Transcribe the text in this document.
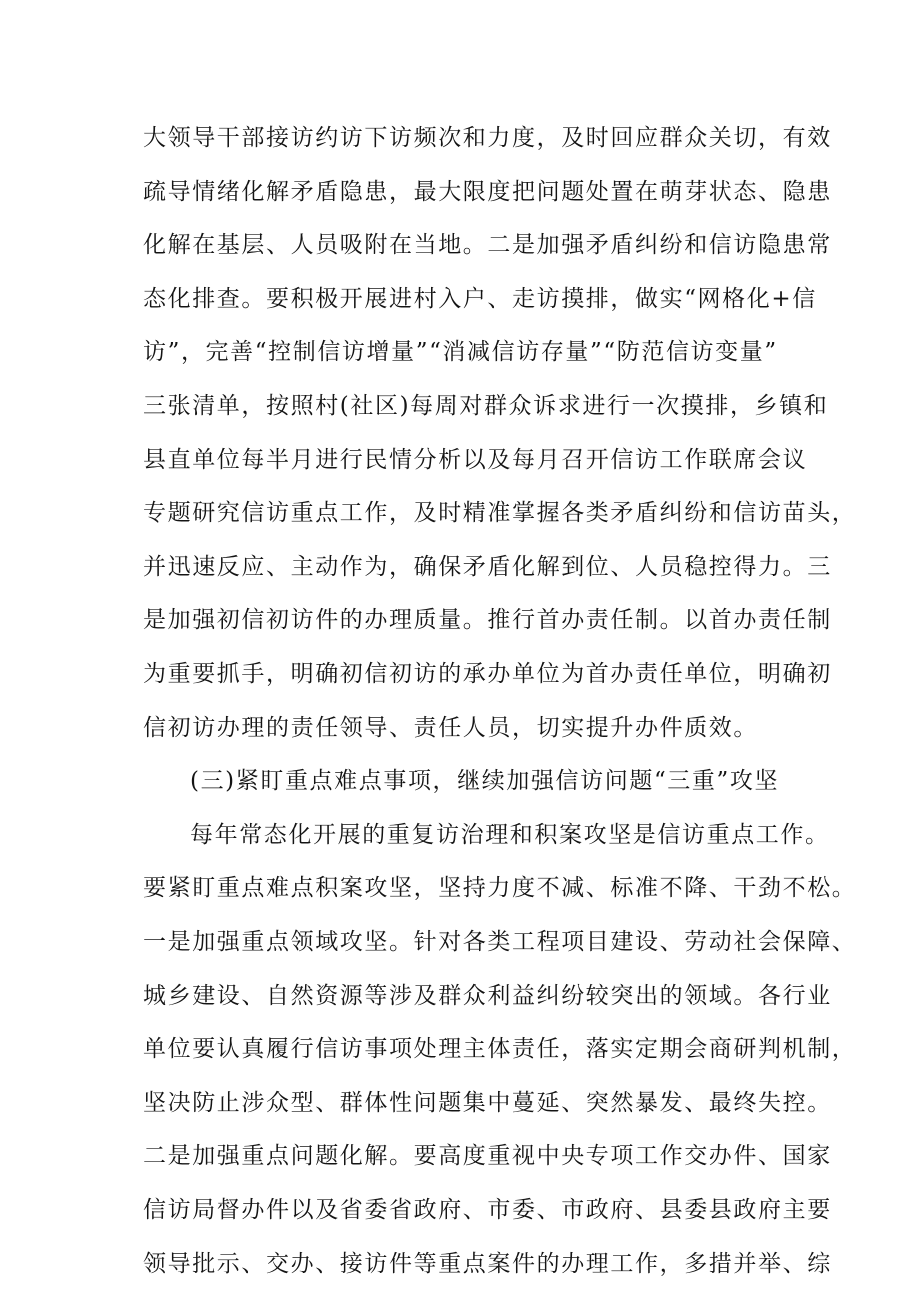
大领导干部接访约访下访频次和力度，及时回应群众关切，有效
疏导情绪化解矛盾隐患，最大限度把问题处置在萌芽状态、隐患
化解在基层、人员吸附在当地。二是加强矛盾纠纷和信访隐患常
态化排查。要积极开展进村入户、走访摸排，做实“网格化+信
访”，完善“控制信访增量”“消减信访存量”“防范信访变量”
三张清单，按照村(社区)每周对群众诉求进行一次摸排，乡镇和
县直单位每半月进行民情分析以及每月召开信访工作联席会议
专题研究信访重点工作，及时精准掌握各类矛盾纠纷和信访苗头，
并迅速反应、主动作为，确保矛盾化解到位、人员稳控得力。三
是加强初信初访件的办理质量。推行首办责任制。以首办责任制
为重要抓手，明确初信初访的承办单位为首办责任单位，明确初
信初访办理的责任领导、责任人员，切实提升办件质效。
(三)紧盯重点难点事项，继续加强信访问题“三重”攻坚
每年常态化开展的重复访治理和积案攻坚是信访重点工作。
要紧盯重点难点积案攻坚，坚持力度不减、标准不降、干劲不松。
一是加强重点领域攻坚。针对各类工程项目建设、劳动社会保障、
城乡建设、自然资源等涉及群众利益纠纷较突出的领域。各行业
单位要认真履行信访事项处理主体责任，落实定期会商研判机制，
坚决防止涉众型、群体性问题集中蔓延、突然暴发、最终失控。
二是加强重点问题化解。要高度重视中央专项工作交办件、国家
信访局督办件以及省委省政府、市委、市政府、县委县政府主要
领导批示、交办、接访件等重点案件的办理工作，多措并举、综
